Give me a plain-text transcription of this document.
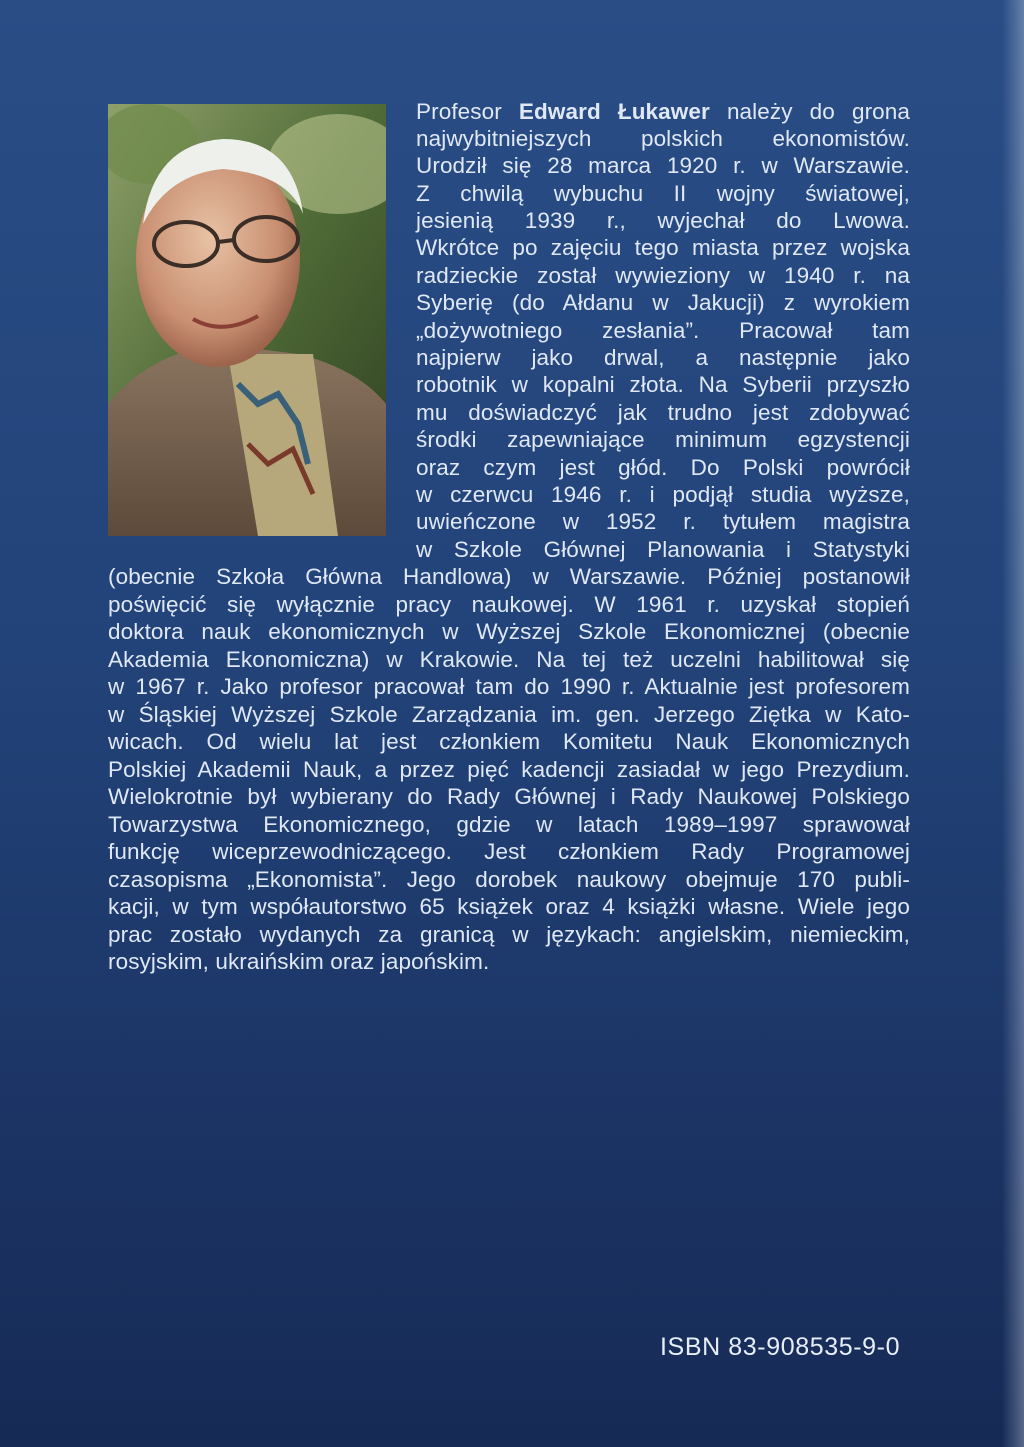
Profesor Edward Łukawer należy do grona
najwybitniejszych polskich ekonomistów.
Urodził się 28 marca 1920 r. w Warszawie.
Z chwilą wybuchu II wojny światowej,
jesienią 1939 r., wyjechał do Lwowa.
Wkrótce po zajęciu tego miasta przez wojska
radzieckie został wywieziony w 1940 r. na
Syberię (do Ałdanu w Jakucji) z wyrokiem
„dożywotniego zesłania”. Pracował tam
najpierw jako drwal, a następnie jako
robotnik w kopalni złota. Na Syberii przyszło
mu doświadczyć jak trudno jest zdobywać
środki zapewniające minimum egzystencji
oraz czym jest głód. Do Polski powrócił
w czerwcu 1946 r. i podjął studia wyższe,
uwieńczone w 1952 r. tytułem magistra
w Szkole Głównej Planowania i Statystyki
(obecnie Szkoła Główna Handlowa) w Warszawie. Później postanowił
poświęcić się wyłącznie pracy naukowej. W 1961 r. uzyskał stopień
doktora nauk ekonomicznych w Wyższej Szkole Ekonomicznej (obecnie
Akademia Ekonomiczna) w Krakowie. Na tej też uczelni habilitował się
w 1967 r. Jako profesor pracował tam do 1990 r. Aktualnie jest profesorem
w Śląskiej Wyższej Szkole Zarządzania im. gen. Jerzego Ziętka w Kato-
wicach. Od wielu lat jest członkiem Komitetu Nauk Ekonomicznych
Polskiej Akademii Nauk, a przez pięć kadencji zasiadał w jego Prezydium.
Wielokrotnie był wybierany do Rady Głównej i Rady Naukowej Polskiego
Towarzystwa Ekonomicznego, gdzie w latach 1989–1997 sprawował
funkcję wiceprzewodniczącego. Jest członkiem Rady Programowej
czasopisma „Ekonomista”. Jego dorobek naukowy obejmuje 170 publi-
kacji, w tym współautorstwo 65 książek oraz 4 książki własne. Wiele jego
prac zostało wydanych za granicą w językach: angielskim, niemieckim,
rosyjskim, ukraińskim oraz japońskim.
ISBN 83-908535-9-0
